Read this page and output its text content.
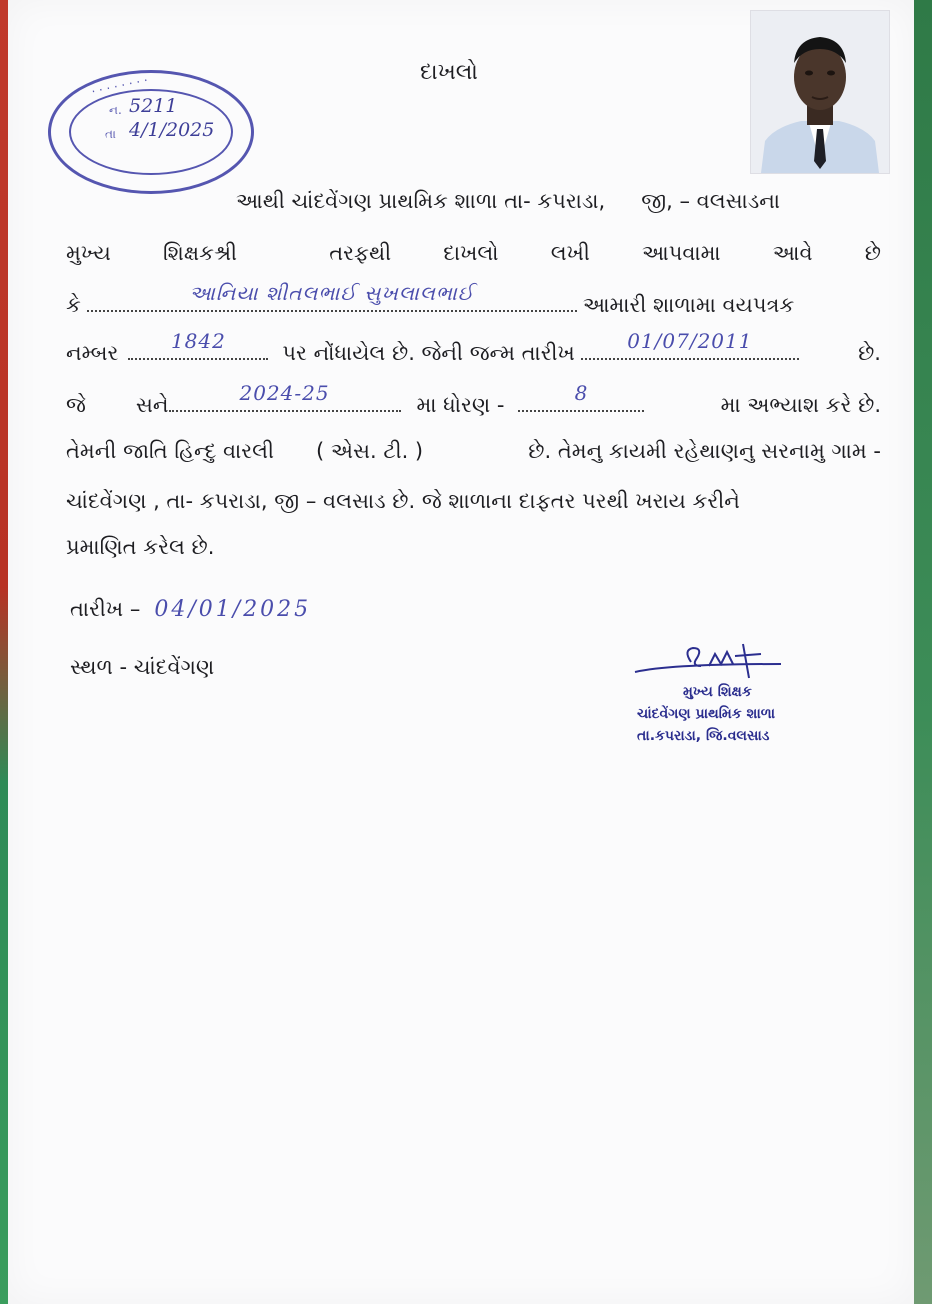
· · · · · · · ·
ન.
તા
5211
4/1/2025
દાખલો
આથી ચાંદવેંગણ પ્રાથમિક શાળા તા- કપરાડા, જી, – વલસાડના
મુખ્ય શિક્ષકશ્રી	તરફથી દાખલો લખી આપવામા આવે છે
કે	આનિયા શીતલભાઈ સુખલાલભાઈ	આમારી શાળામા વયપત્રક
નમ્બર	1842	પર નોંધાયેલ છે. જેની જન્મ તારીખ	01/07/2011	છે.
જે સને	2024-25	મા ધોરણ -	8	મા અભ્યાશ કરે છે.
તેમની જાતિ હિન્દુ વારલી ( એસ. ટી. )	છે. તેમનુ કાયમી રહેથાણનુ સરનામુ ગામ -
ચાંદવેંગણ , તા- કપરાડા, જી – વલસાડ છે. જે શાળાના દાફતર પરથી ખરાય કરીને
પ્રમાણિત કરેલ છે.
તારીખ – 04/01/2025
સ્થળ - ચાંદવેંગણ
મુખ્ય શિક્ષક
ચાંદવેંગણ પ્રાથમિક શાળા
તા.કપરાડા, જિ.વલસાડ
